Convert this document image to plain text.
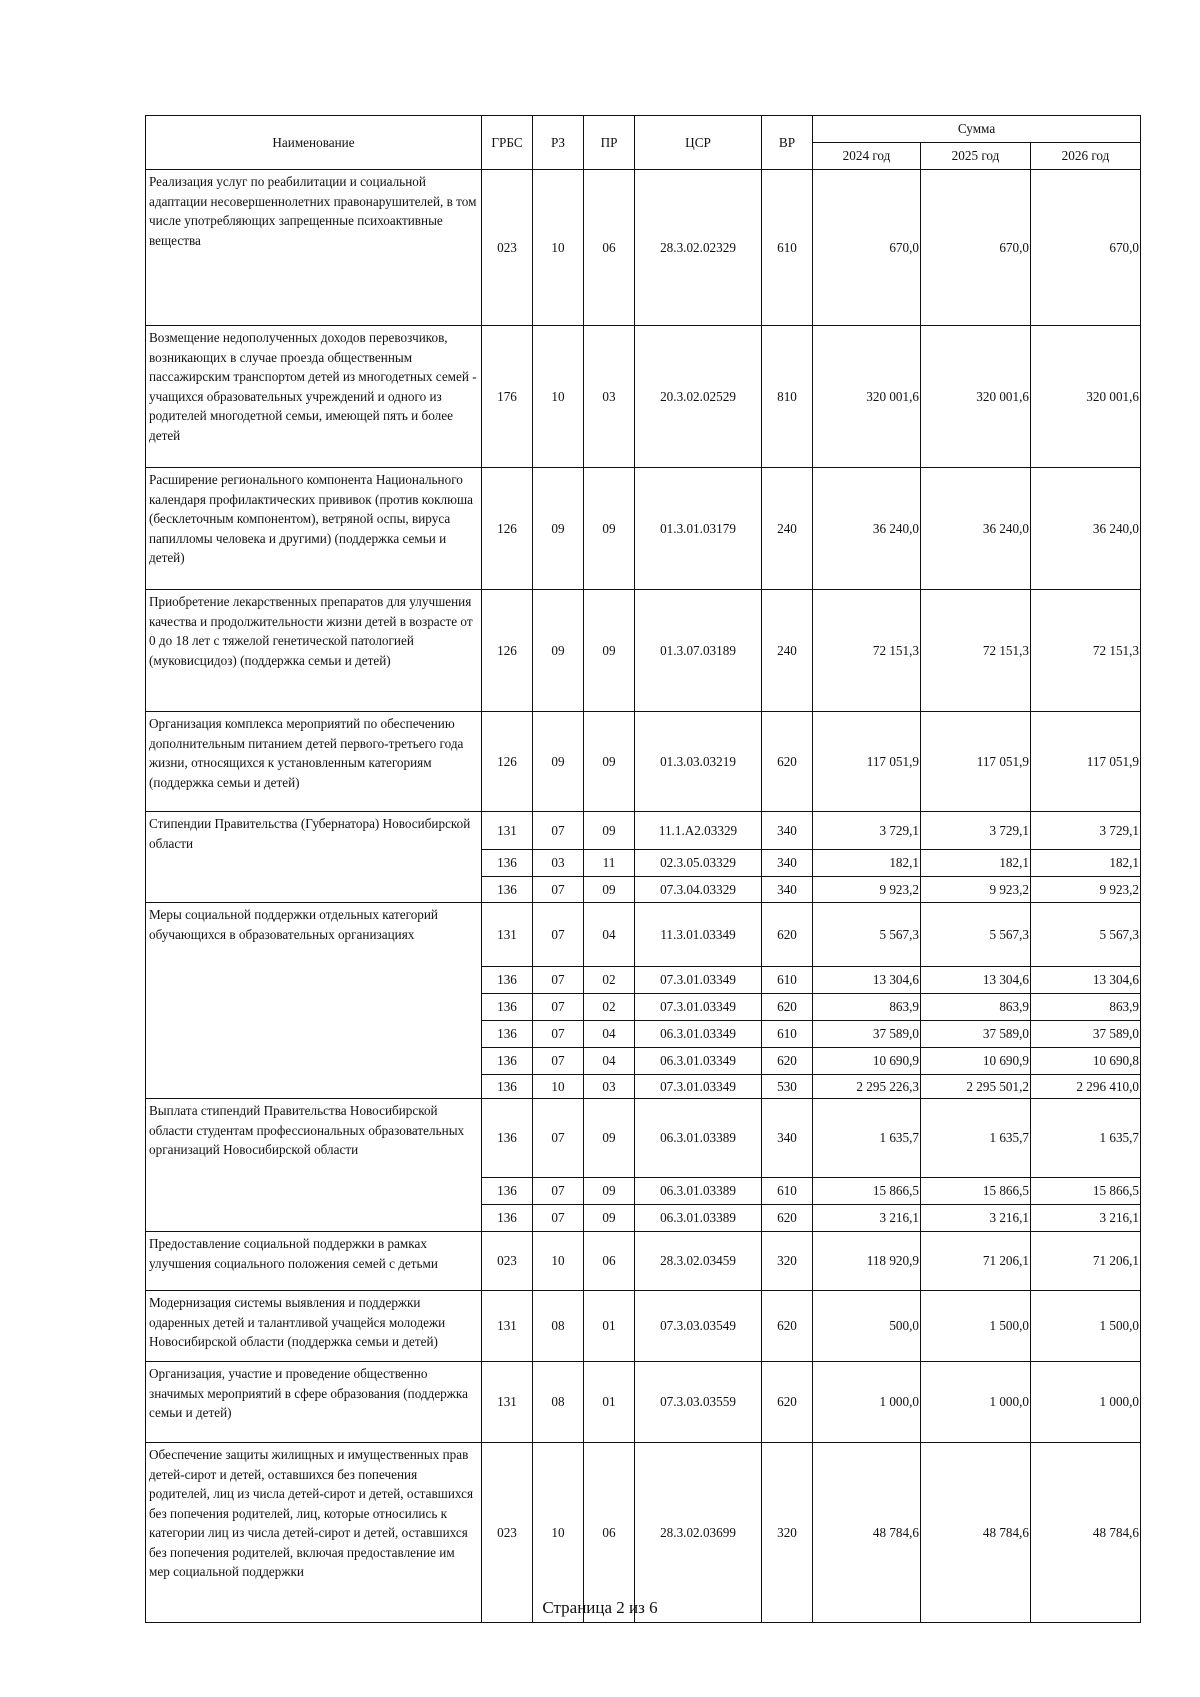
Наименование	ГРБС	РЗ	ПР	ЦСР	ВР	Сумма		
						2024 год	2025 год	2026 год
Реализация услуг по реабилитации и социальной адаптации несовершеннолетних правонарушителей, в том числе употребляющих запрещенные психоактивные вещества	023	10	06	28.3.02.02329	610	670,0	670,0	670,0
Возмещение недополученных доходов перевозчиков, возникающих в случае проезда общественным пассажирским транспортом детей из многодетных семей - учащихся образовательных учреждений и одного из родителей многодетной семьи, имеющей пять и более детей	176	10	03	20.3.02.02529	810	320 001,6	320 001,6	320 001,6
Расширение регионального компонента Национального календаря профилактических прививок (против коклюша (бесклеточным компонентом), ветряной оспы, вируса папилломы человека и другими) (поддержка семьи и детей)	126	09	09	01.3.01.03179	240	36 240,0	36 240,0	36 240,0
Приобретение лекарственных препаратов для улучшения качества и продолжительности жизни детей в возрасте от 0 до 18 лет с тяжелой генетической патологией (муковисцидоз) (поддержка семьи и детей)	126	09	09	01.3.07.03189	240	72 151,3	72 151,3	72 151,3
Организация комплекса мероприятий по обеспечению дополнительным питанием детей первого-третьего года жизни, относящихся к установленным категориям (поддержка семьи и детей)	126	09	09	01.3.03.03219	620	117 051,9	117 051,9	117 051,9
Стипендии Правительства (Губернатора) Новосибирской области	131	07	09	11.1.А2.03329	340	3 729,1	3 729,1	3 729,1
	136	03	11	02.3.05.03329	340	182,1	182,1	182,1
	136	07	09	07.3.04.03329	340	9 923,2	9 923,2	9 923,2
Меры социальной поддержки отдельных категорий обучающихся в образовательных организациях	131	07	04	11.3.01.03349	620	5 567,3	5 567,3	5 567,3
	136	07	02	07.3.01.03349	610	13 304,6	13 304,6	13 304,6
	136	07	02	07.3.01.03349	620	863,9	863,9	863,9
	136	07	04	06.3.01.03349	610	37 589,0	37 589,0	37 589,0
	136	07	04	06.3.01.03349	620	10 690,9	10 690,9	10 690,8
	136	10	03	07.3.01.03349	530	2 295 226,3	2 295 501,2	2 296 410,0
Выплата стипендий Правительства Новосибирской области студентам профессиональных образовательных организаций Новосибирской области	136	07	09	06.3.01.03389	340	1 635,7	1 635,7	1 635,7
	136	07	09	06.3.01.03389	610	15 866,5	15 866,5	15 866,5
	136	07	09	06.3.01.03389	620	3 216,1	3 216,1	3 216,1
Предоставление социальной поддержки в рамках улучшения социального положения семей с детьми	023	10	06	28.3.02.03459	320	118 920,9	71 206,1	71 206,1
Модернизация системы выявления и поддержки одаренных детей и талантливой учащейся молодежи Новосибирской области (поддержка семьи и детей)	131	08	01	07.3.03.03549	620	500,0	1 500,0	1 500,0
Организация, участие и проведение общественно значимых мероприятий в сфере образования (поддержка семьи и детей)	131	08	01	07.3.03.03559	620	1 000,0	1 000,0	1 000,0
Обеспечение защиты жилищных и имущественных прав детей-сирот и детей, оставшихся без попечения родителей, лиц из числа детей-сирот и детей, оставшихся без попечения родителей, лиц, которые относились к категории лиц из числа детей-сирот и детей, оставшихся без попечения родителей, включая предоставление им мер социальной поддержки	023	10	06	28.3.02.03699	320	48 784,6	48 784,6	48 784,6
Страница 2 из 6
